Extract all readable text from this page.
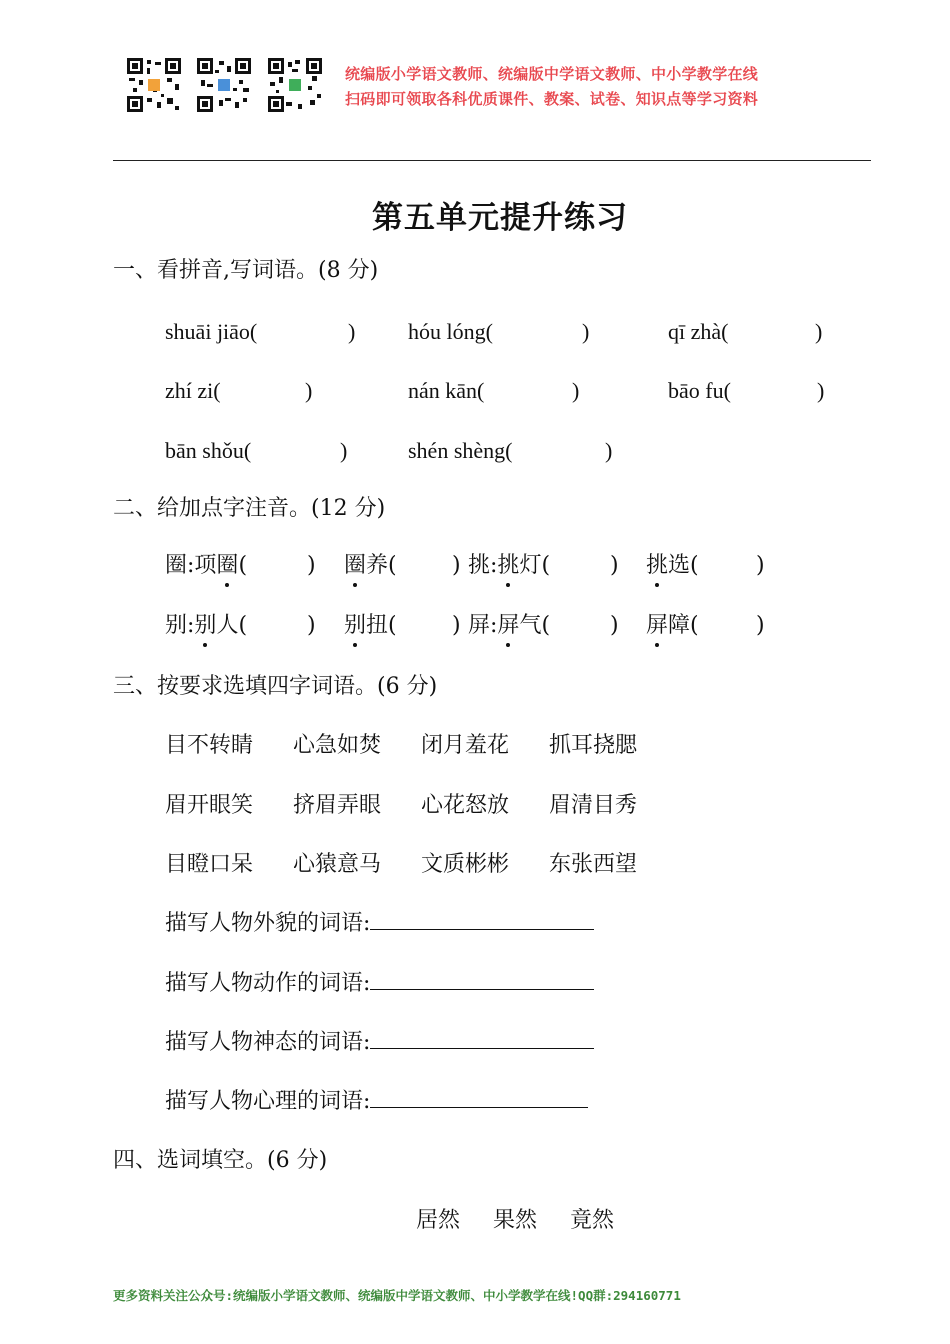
统编版小学语文教师、统编版中学语文教师、中小学教学在线
扫码即可领取各科优质课件、教案、试卷、知识点等学习资料
第五单元提升练习
一、看拼音,写词语。(8 分)
shuāi jiāo(	) hóu lóng(	)	qī zhà(	)
zhí zi(	)	nán kān(	)	bāo fu(	)
bān shǒu(	)	shén shèng(	)
二、给加点字注音。(12 分)
圈:项圈(	) 圈养(	) 挑:挑灯(	) 挑选(	)
别:别人(	) 别扭(	) 屏:屏气(	) 屏障(	)
三、按要求选填四字词语。(6 分)
目不转睛 心急如焚 闭月羞花 抓耳挠腮
眉开眼笑 挤眉弄眼 心花怒放 眉清目秀
目瞪口呆 心猿意马 文质彬彬 东张西望
描写人物外貌的词语:
描写人物动作的词语:
描写人物神态的词语:
描写人物心理的词语:
四、选词填空。(6 分)
居然 果然 竟然
更多资料关注公众号:统编版小学语文教师、统编版中学语文教师、中小学教学在线!QQ群:294160771
